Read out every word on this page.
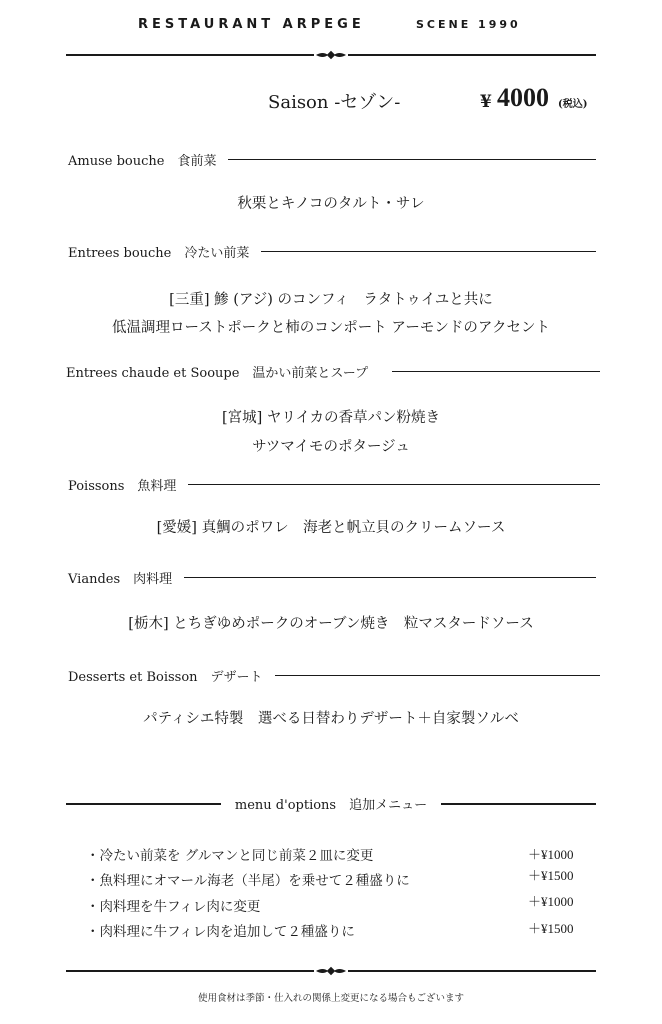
RESTAURANT ARPEGE	SCENE 1990
Saison -セゾン-	¥ 4000 (税込)
Amuse bouche　食前菜
秋栗とキノコのタルト・サレ
Entrees bouche　冷たい前菜
[三重] 鯵 (アジ) のコンフィ　ラタトゥイユと共に
低温調理ローストポークと柿のコンポート アーモンドのアクセント
Entrees chaude et Sooupe　温かい前菜とスープ
[宮城] ヤリイカの香草パン粉焼き
サツマイモのポタージュ
Poissons　魚料理
[愛媛] 真鯛のポワレ　海老と帆立貝のクリームソース
Viandes　肉料理
[栃木] とちぎゆめポークのオーブン焼き　粒マスタードソース
Desserts et Boisson　デザート
パティシエ特製　選べる日替わりデザート＋自家製ソルベ
menu d'options　追加メニュー
・冷たい前菜を グルマンと同じ前菜２皿に変更	＋¥1000
・魚料理にオマール海老（半尾）を乗せて２種盛りに	＋¥1500
・肉料理を牛フィレ肉に変更	＋¥1000
・肉料理に牛フィレ肉を追加して２種盛りに	＋¥1500
使用食材は季節・仕入れの関係上変更になる場合もございます
